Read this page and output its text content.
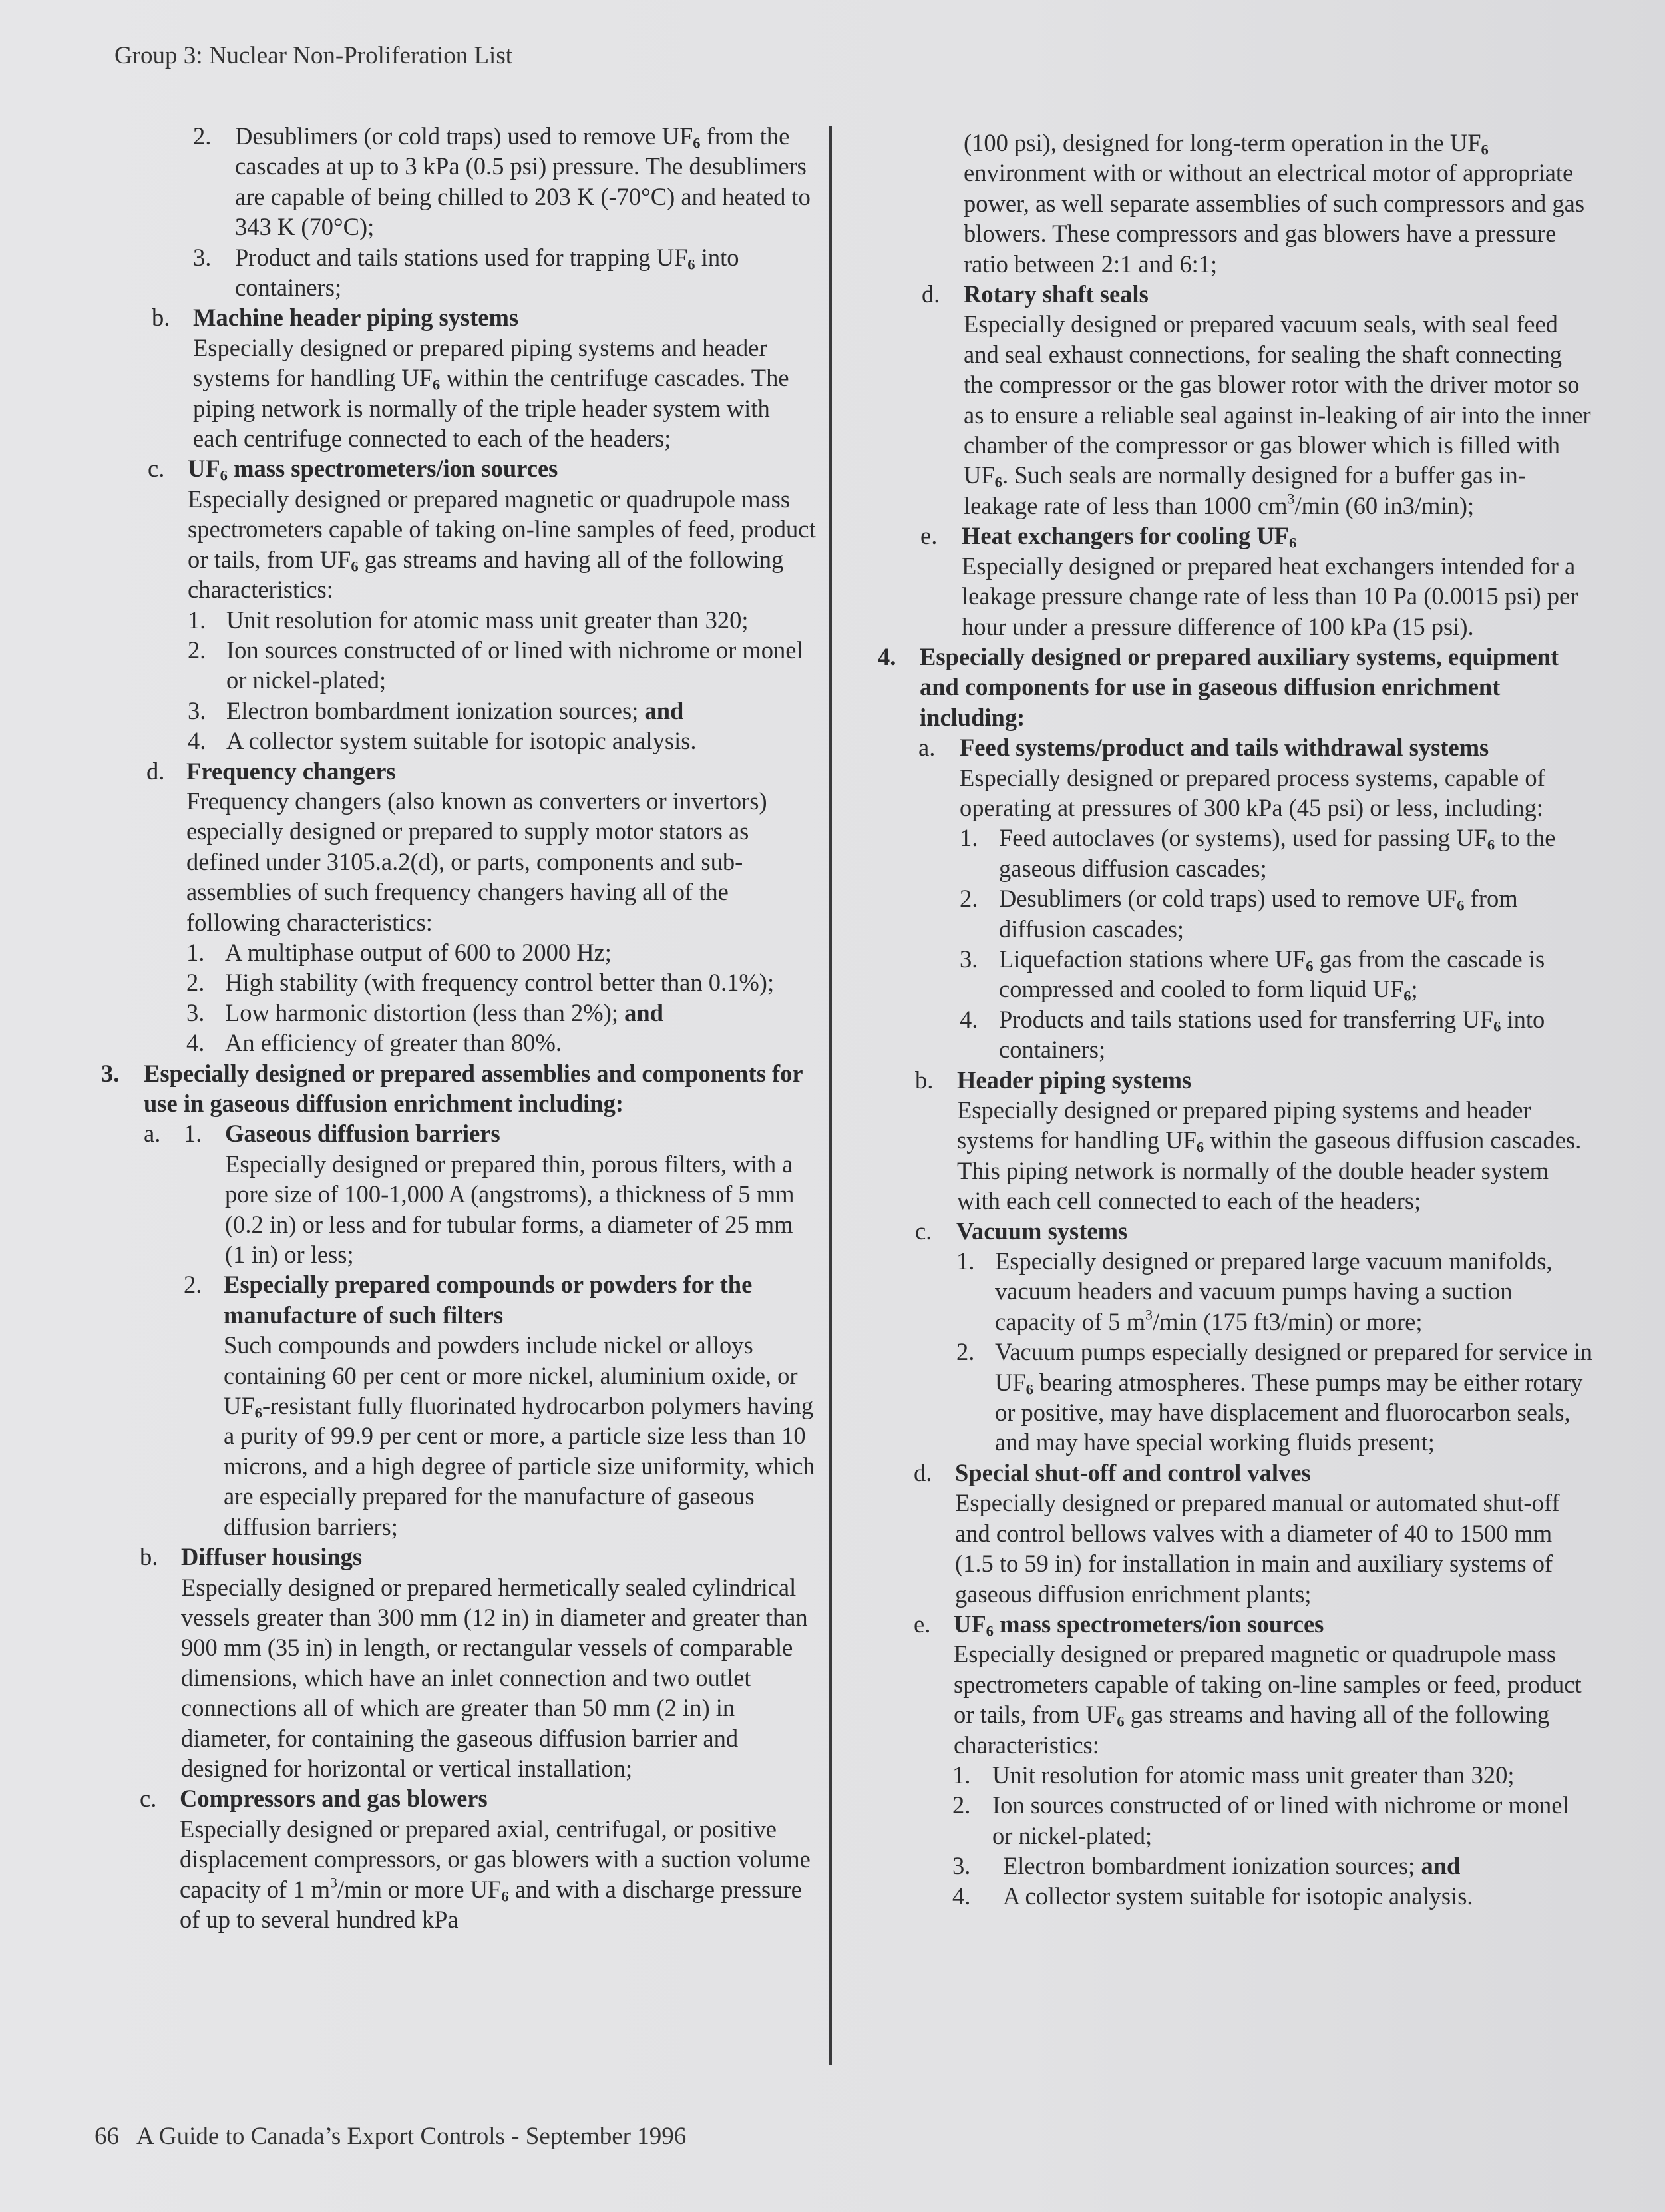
Group 3: Nuclear Non-Proliferation List
2. Desublimers (or cold traps) used to remove $UF_6$ from the cascades at up to 3 kPa (0.5 psi) pressure. The desublimers are capable of being chilled to 203 K (-70°C) and heated to 343 K (70°C);

3. Product and tails stations used for trapping $UF_6$ into containers;

b. Machine header piping systems

Especially designed or prepared piping systems and header systems for handling $UF_6$ within the centrifuge cascades. The piping network is normally of the triple header system with each centrifuge connected to each of the headers;

c. $UF_6$ mass spectrometers/ion sources

Especially designed or prepared magnetic or quadrupole mass spectrometers capable of taking on-line samples of feed, product or tails, from $UF_6$ gas streams and having all of the following characteristics:

1. Unit resolution for atomic mass unit greater than 320;

2. Ion sources constructed of or lined with nichrome or monel or nickel-plated;

3. Electron bombardment ionization sources; and

4. A collector system suitable for isotopic analysis.

d. Frequency changers

Frequency changers (also known as converters or invertors) especially designed or prepared to supply motor stators as defined under 3105.a.2(d), or parts, components and sub-assemblies of such frequency changers having all of the following characteristics:

1. A multiphase output of 600 to 2000 Hz;

2. High stability (with frequency control better than 0.1%);

3. Low harmonic distortion (less than 2%); and

4. An efficiency of greater than 80%.

3. Especially designed or prepared assemblies and components for use in gaseous diffusion enrichment including:

a. 1. Gaseous diffusion barriers

Especially designed or prepared thin, porous filters, with a pore size of 100-1,000 A (angstroms), a thickness of 5 mm (0.2 in) or less and for tubular forms, a diameter of 25 mm (1 in) or less;

2. Especially prepared compounds or powders for the manufacture of such filters

Such compounds and powders include nickel or alloys containing 60 per cent or more nickel, aluminium oxide, or $UF_6$-resistant fully fluorinated hydrocarbon polymers having a purity of 99.9 per cent or more, a particle size less than 10 microns, and a high degree of particle size uniformity, which are especially prepared for the manufacture of gaseous diffusion barriers;

b. Diffuser housings

Especially designed or prepared hermetically sealed cylindrical vessels greater than 300 mm (12 in) in diameter and greater than 900 mm (35 in) in length, or rectangular vessels of comparable dimensions, which have an inlet connection and two outlet connections all of which are greater than 50 mm (2 in) in diameter, for containing the gaseous diffusion barrier and designed for horizontal or vertical installation;

c. Compressors and gas blowers

Especially designed or prepared axial, centrifugal, or positive displacement compressors, or gas blowers with a suction volume capacity of 1 $m^3/\min$ or more $UF_6$ and with a discharge pressure of up to several hundred kPa

(100 psi), designed for long-term operation in the $UF_6$ environment with or without an electrical motor of appropriate power, as well separate assemblies of such compressors and gas blowers. These compressors and gas blowers have a pressure ratio between 2:1 and 6:1;

d. Rotary shaft seals

Especially designed or prepared vacuum seals, with seal feed and seal exhaust connections, for sealing the shaft connecting the compressor or the gas blower rotor with the driver motor so as to ensure a reliable seal against in-leaking of air into the inner chamber of the compressor or gas blower which is filled with $UF_6$. Such seals are normally designed for a buffer gas in-leakage rate of less than 1000 $cm^3/\min$ (60 in3/min);

e. Heat exchangers for cooling $UF_6$

Especially designed or prepared heat exchangers intended for a leakage pressure change rate of less than 10 Pa (0.0015 psi) per hour under a pressure difference of 100 kPa (15 psi).

4. Especially designed or prepared auxiliary systems, equipment and components for use in gaseous diffusion enrichment including:

a. Feed systems/product and tails withdrawal systems

Especially designed or prepared process systems, capable of operating at pressures of 300 kPa (45 psi) or less, including:

1. Feed autoclaves (or systems), used for passing $UF_6$ to the gaseous diffusion cascades;

2. Desublimers (or cold traps) used to remove $UF_6$ from diffusion cascades;

3. Liquefaction stations where $UF_6$ gas from the cascade is compressed and cooled to form liquid $UF_6$;

4. Products and tails stations used for transferring $UF_6$ into containers;

b. Header piping systems

Especially designed or prepared piping systems and header systems for handling $UF_6$ within the gaseous diffusion cascades. This piping network is normally of the double header system with each cell connected to each of the headers;

c. Vacuum systems

1. Especially designed or prepared large vacuum manifolds, vacuum headers and vacuum pumps having a suction capacity of 5 $m^3/\min$ (175 ft3/min) or more;

2. Vacuum pumps especially designed or prepared for service in $UF_6$ bearing atmospheres. These pumps may be either rotary or positive, may have displacement and fluorocarbon seals, and may have special working fluids present;

d. Special shut-off and control valves

Especially designed or prepared manual or automated shut-off and control bellows valves with a diameter of 40 to 1500 mm (1.5 to 59 in) for installation in main and auxiliary systems of gaseous diffusion enrichment plants;

e. $UF_6$ mass spectrometers/ion sources

Especially designed or prepared magnetic or quadrupole mass spectrometers capable of taking on-line samples or feed, product or tails, from $UF_6$ gas streams and having all of the following characteristics:

1. Unit resolution for atomic mass unit greater than 320;

2. Ion sources constructed of or lined with nichrome or monel or nickel-plated;

3. Electron bombardment ionization sources; and

4. A collector system suitable for isotopic analysis.

66 A Guide to Canada’s Export Controls - September 1996
